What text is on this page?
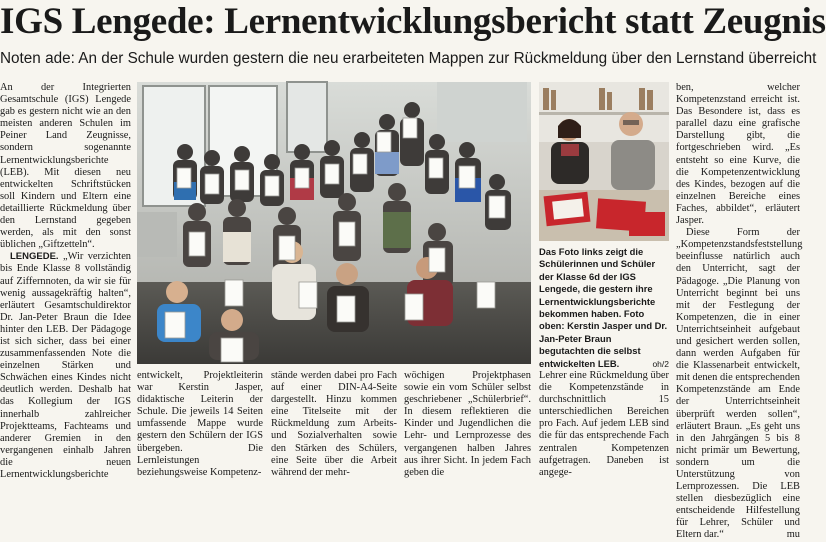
IGS Lengede: Lernentwicklungsbericht statt Zeugnis
Noten ade: An der Schule wurden gestern die neu erarbeiteten Mappen zur Rückmeldung über den Lernstand überreicht

An der Integrierten Gesamtschule (IGS) Lengede gab es gestern nicht wie an den meisten anderen Schulen im Peiner Land Zeugnisse, sondern sogenannte Lernentwicklungsberichte (LEB). Mit diesen neu entwickelten Schriftstücken soll Kindern und Eltern eine detaillierte Rückmeldung über den Lernstand gegeben werden, als mit den sonst üblichen „Giftzetteln“.

LENGEDE. „Wir verzichten bis Ende Klasse 8 vollständig auf Ziffernnoten, da wir sie für wenig aussagekräftig halten“, erläutert Gesamtschuldirektor Dr. Jan-Peter Braun die Idee hinter den LEB. Der Pädagoge ist sich sicher, dass bei einer zusammenfassenden Note die einzelnen Stärken und Schwächen eines Kindes nicht deutlich werden. Deshalb hat das Kollegium der IGS innerhalb zahlreicher Projektteams, Fachteams und anderer Gremien in den vergangenen einhalb Jahren die neuen Lernentwicklungsberichte

Das Foto links zeigt die Schülerinnen und Schüler der Klasse 6d der IGS Lengede, die gestern ihre Lernentwicklungsberichte bekommen haben. Foto oben: Kerstin Jasper und Dr. Jan-Peter Braun begutachten die selbst entwickelten LEB.	oh/2

entwickelt, Projektleiterin war Kerstin Jasper, didaktische Leiterin der Schule. Die jeweils 14 Seiten umfassende Mappe wurde gestern den Schülern der IGS übergeben. Die Lernleistungen beziehungsweise Kompetenz-

stände werden dabei pro Fach auf einer DIN-A4-Seite dargestellt. Hinzu kommen eine Titelseite mit der Rückmeldung zum Arbeits- und Sozialverhalten sowie den Stärken des Schülers, eine Seite über die Arbeit während der mehr-

wöchigen Projektphasen sowie ein vom Schüler selbst geschriebener „Schülerbrief“. In diesem reflektieren die Kinder und Jugendlichen die Lehr- und Lernprozesse des vergangenen halben Jahres aus ihrer Sicht. In jedem Fach geben die

Lehrer eine Rückmeldung über die Kompetenzstände in durchschnittlich 15 unterschiedlichen Bereichen pro Fach. Auf jedem LEB sind die für das entsprechende Fach zentralen Kompetenzen aufgetragen. Daneben ist angege-

ben, welcher Kompetenzstand erreicht ist. Das Besondere ist, dass es parallel dazu eine grafische Darstellung gibt, die fortgeschrieben wird. „Es entsteht so eine Kurve, die die Kompetenzentwicklung des Kindes, bezogen auf die einzelnen Bereiche eines Faches, abbildet“, erläutert Jasper.

Diese Form der „Kompetenzstandsfeststellung beeinflusse natürlich auch den Unterricht, sagt der Pädagoge. „Die Planung von Unterricht beginnt bei uns mit der Festlegung der Kompetenzen, die in einer Unterrichtseinheit aufgebaut und gesichert werden sollen, dann werden Aufgaben für die Klassenarbeit entwickelt, mit denen die entsprechenden Kompetenzstände am Ende der Unterrichtseinheit überprüft werden sollen“, erläutert Braun. „Es geht uns in den Jahrgängen 5 bis 8 nicht primär um Bewertung, sondern um die Unterstützung von Lernprozessen. Die LEB stellen diesbezüglich eine entscheidende Hilfestellung für Lehrer, Schüler und Eltern dar.“	mu
